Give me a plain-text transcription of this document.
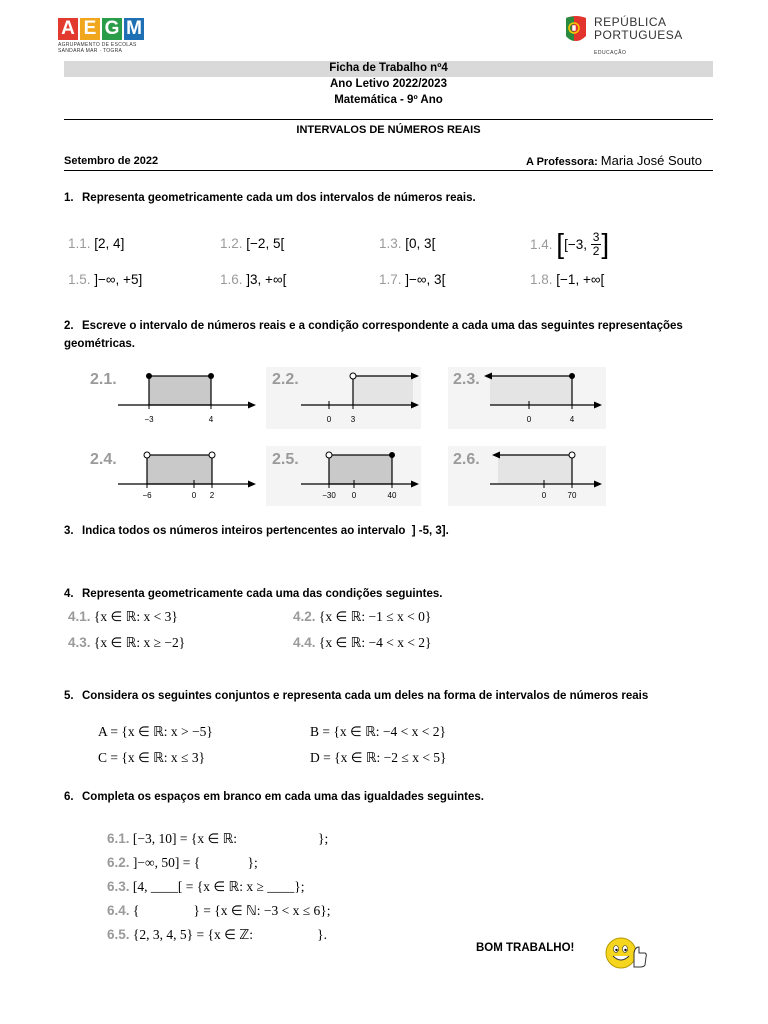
A E G M
AGRUPAMENTO DE ESCOLAS
SANDARA MAR · TOGRA
REPÚBLICA
PORTUGUESA
EDUCAÇÃO
Ficha de Trabalho nº4
Ano Letivo 2022/2023
Matemática - 9º Ano
INTERVALOS DE NÚMEROS REAIS
Setembro de 2022	A Professora: Maria José Souto
1. Representa geometricamente cada um dos intervalos de números reais.
1.1. [2, 4]	1.2. [−2, 5[	1.3. [0, 3[	1.4.
[ [−3, 3
2 ]
1.5. ]−∞, +5]	1.6. ]3, +∞[	1.7. ]−∞, 3[	1.8. [−1, +∞[
2. Escreve o intervalo de números reais e a condição correspondente a cada uma das seguintes representações geométricas.
2.1.
−3	4
2.2.
0 3
2.3.
0	4
2.4.
−6	0 2
2.5.
−30 0	40
2.6.
0	70
3. Indica todos os números inteiros pertencentes ao intervalo  ] -5, 3].
4. Representa geometricamente cada uma das condições seguintes.
4.1. {x ∈ ℝ: x < 3}	4.2. {x ∈ ℝ: −1 ≤ x < 0}
4.3. {x ∈ ℝ: x ≥ −2}	4.4. {x ∈ ℝ: −4 < x < 2}
5. Considera os seguintes conjuntos e representa cada um deles na forma de intervalos de números reais
A = {x ∈ ℝ: x > −5}	B = {x ∈ ℝ: −4 < x < 2}
C = {x ∈ ℝ: x ≤ 3}	D = {x ∈ ℝ: −2 ≤ x < 5}
6. Completa os espaços em branco em cada uma das igualdades seguintes.
6.1. [−3, 10] = {x ∈ ℝ:                        };
6.2. ]−∞, 50] = {              };
6.3. [4, ____[ = {x ∈ ℝ: x ≥ ____};
6.4. {                } = {x ∈ ℕ: −3 < x ≤ 6};
6.5. {2, 3, 4, 5} = {x ∈ ℤ:                   }.
BOM TRABALHO!
